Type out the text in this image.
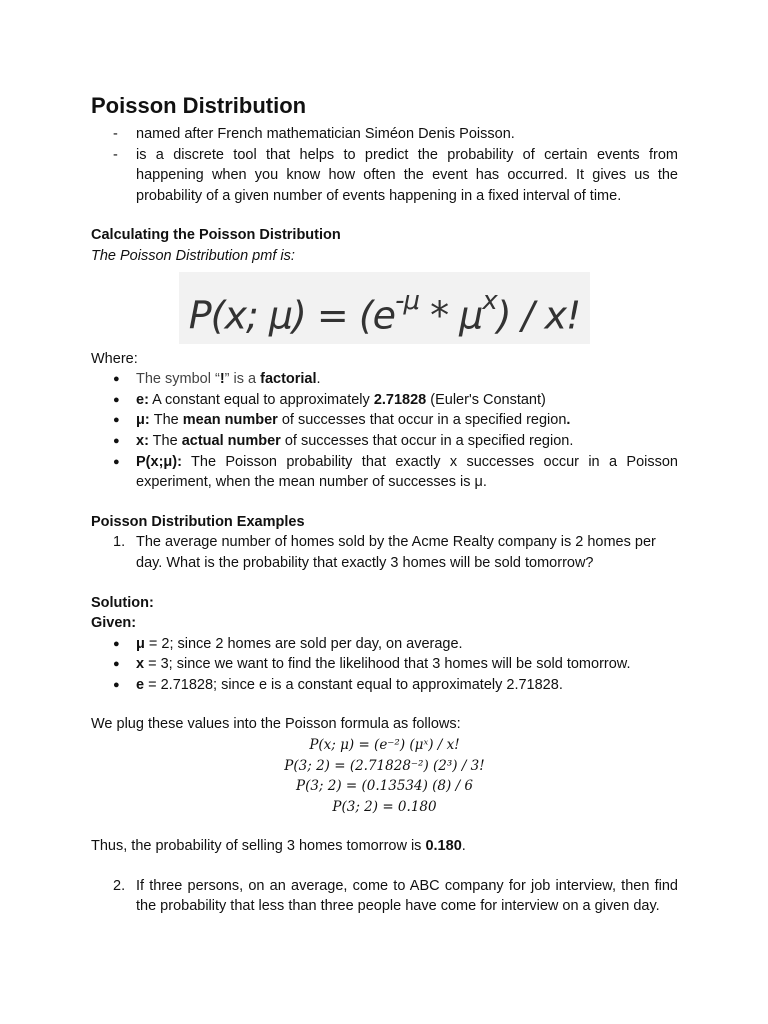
Poisson Distribution
- named after French mathematician Siméon Denis Poisson.
- is a discrete tool that helps to predict the probability of certain events from happening when you know how often the event has occurred. It gives us the probability of a given number of events happening in a fixed interval of time.

Calculating the Poisson Distribution

The Poisson Distribution pmf is:

P(x; $\mu) = (e^{-\mu} * \mu^x) / x$!

Where:

● The symbol “!” is a factorial.
● e: A constant equal to approximately 2.71828 (Euler's Constant)
● μ: The mean number of successes that occur in a specified region.
● x: The actual number of successes that occur in a specified region.
● P(x;μ): The Poisson probability that exactly x successes occur in a Poisson experiment, when the mean number of successes is μ.

Poisson Distribution Examples

1. The average number of homes sold by the Acme Realty company is 2 homes per day. What is the probability that exactly 3 homes will be sold tomorrow?

Solution:

Given:

● μ = 2; since 2 homes are sold per day, on average.
● x = 3; since we want to find the likelihood that 3 homes will be sold tomorrow.
● e = 2.71828; since e is a constant equal to approximately 2.71828.

We plug these values into the Poisson formula as follows:

P(x; μ) = (e⁻²) (μˣ) / x!
P(3; 2) = (2.71828⁻²) (2³) / 3!
P(3; 2) = (0.13534) (8) / 6
P(3; 2) = 0.180

Thus, the probability of selling 3 homes tomorrow is 0.180.

2. If three persons, on an average, come to ABC company for job interview, then find the probability that less than three people have come for interview on a given day.
